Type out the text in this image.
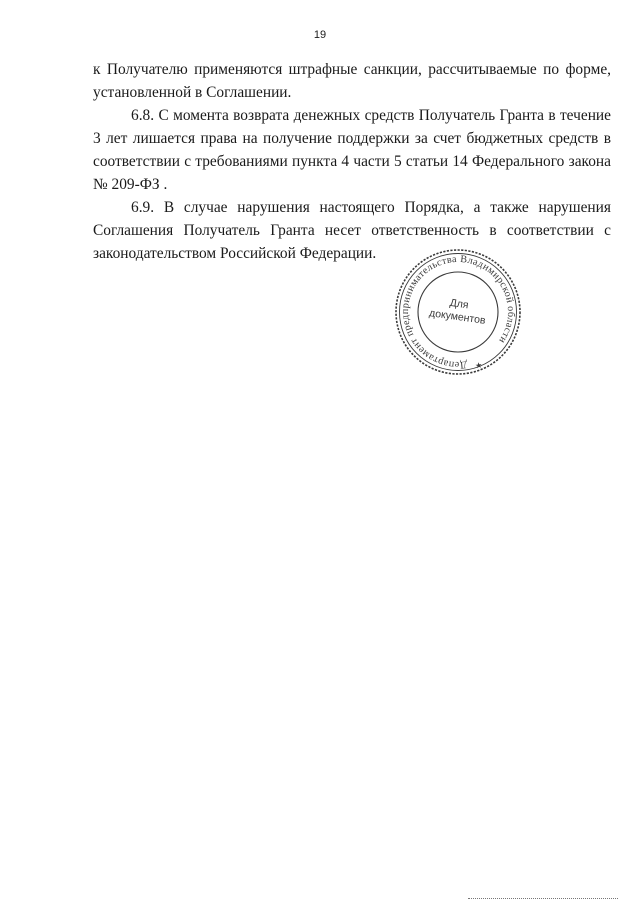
19

к Получателю применяются штрафные санкции, рассчитываемые по форме, установленной в Соглашении.

6.8. С момента возврата денежных средств Получатель Гранта в течение 3 лет лишается права на получение поддержки за счет бюджетных средств в соответствии с требованиями пункта 4 части 5 статьи 14 Федерального закона № 209-ФЗ .

6.9. В случае нарушения настоящего Порядка, а также нарушения Соглашения Получатель Гранта несет ответственность в соответствии с законодательством Российской Федерации.

Департамент предпринимательства Владимирской области
★
Для
документов
